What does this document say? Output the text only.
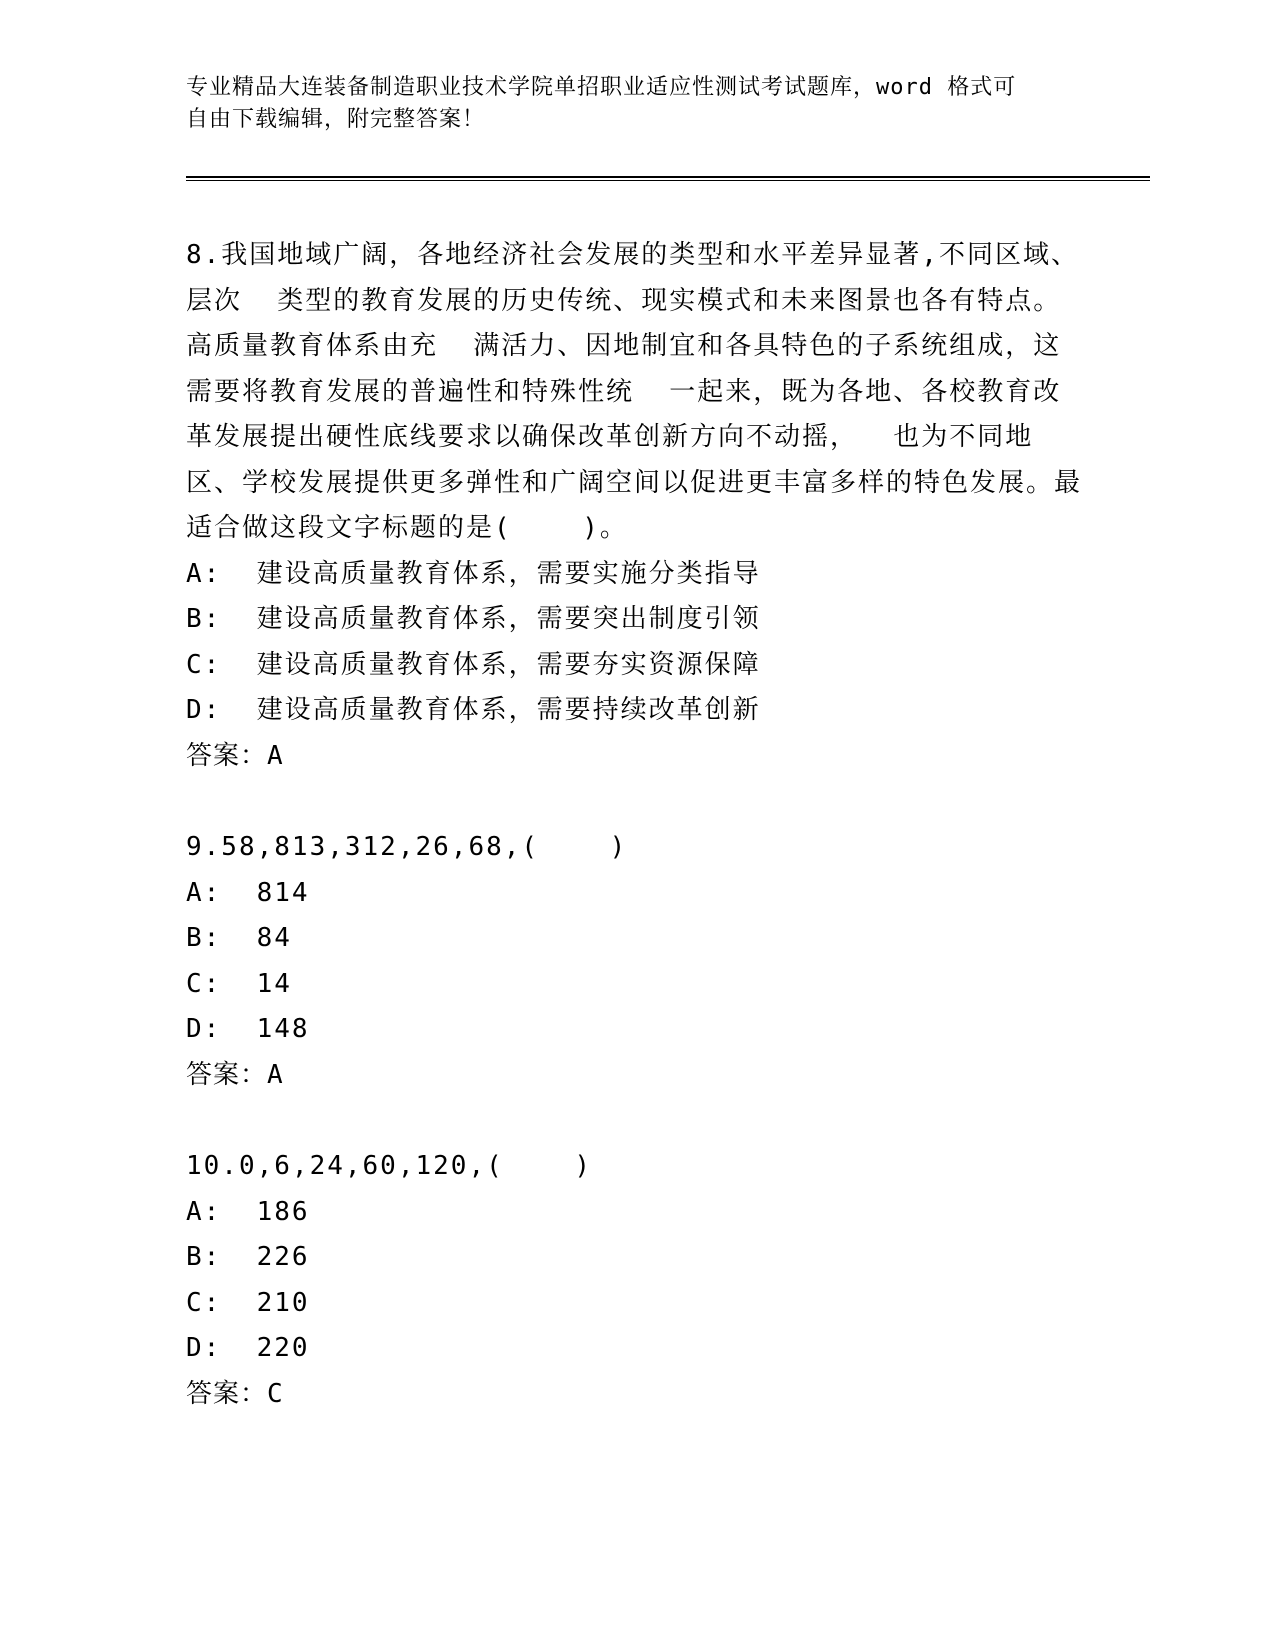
专业精品大连装备制造职业技术学院单招职业适应性测试考试题库，word 格式可
自由下载编辑，附完整答案！
8.我国地域广阔，各地经济社会发展的类型和水平差异显著,不同区域、层次  类型的教育发展的历史传统、现实模式和未来图景也各有特点。高质量教育体系由充  满活力、因地制宜和各具特色的子系统组成，这需要将教育发展的普遍性和特殊性统  一起来，既为各地、各校教育改革发展提出硬性底线要求以确保改革创新方向不动摇，  也为不同地区、学校发展提供更多弹性和广阔空间以促进更丰富多样的特色发展。最适合做这段文字标题的是(    )。
A: 建设高质量教育体系，需要实施分类指导
B: 建设高质量教育体系，需要突出制度引领
C: 建设高质量教育体系，需要夯实资源保障
D: 建设高质量教育体系，需要持续改革创新
答案：A
9.58,813,312,26,68,(    )
A: 814
B: 84
C: 14
D: 148
答案：A
10.0,6,24,60,120,(    )
A: 186
B: 226
C: 210
D: 220
答案：C
